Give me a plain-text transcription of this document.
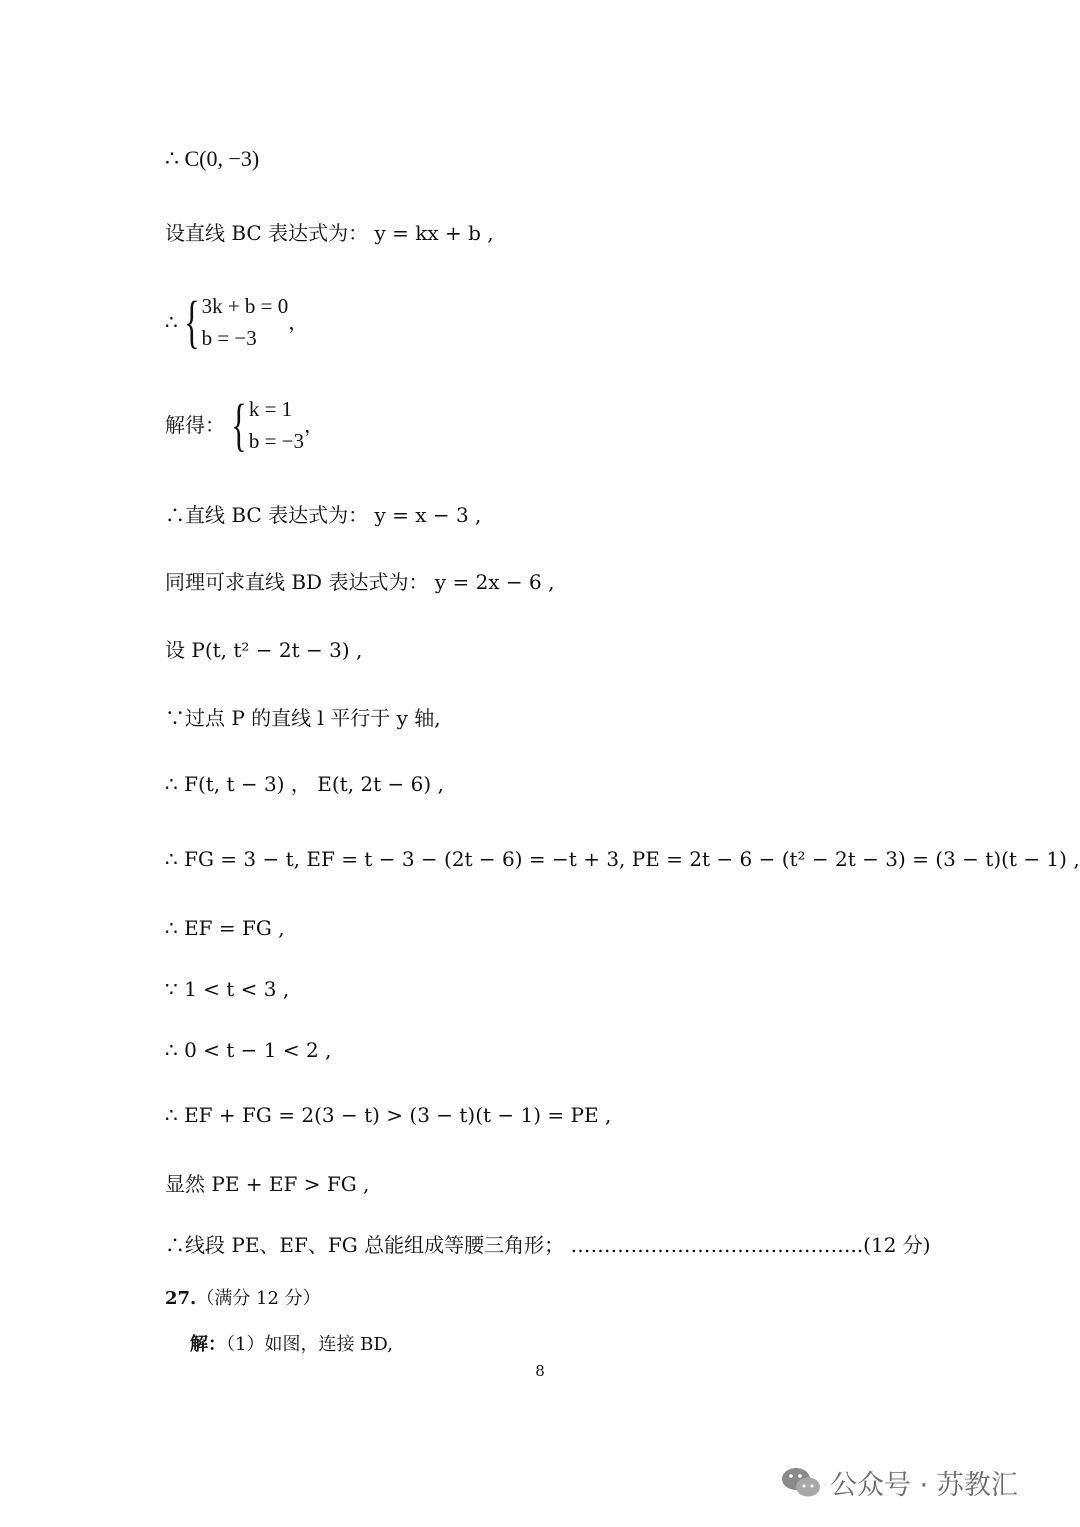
∴ C(0, −3)
设直线 BC 表达式为： y = kx + b ,
∴ { 3k + b = 0
b = −3
，
解得： { k = 1
b = −3
，
∴直线 BC 表达式为： y = x − 3 ,
同理可求直线 BD 表达式为： y = 2x − 6 ,
设 P(t, t² − 2t − 3) ,
∵过点 P 的直线 l 平行于 y 轴,
∴ F(t, t − 3) ， E(t, 2t − 6) ,
∴ FG = 3 − t, EF = t − 3 − (2t − 6) = −t + 3, PE = 2t − 6 − (t² − 2t − 3) = (3 − t)(t − 1) ,
∴ EF = FG ,
∵ 1 < t < 3 ,
∴ 0 < t − 1 < 2 ,
∴ EF + FG = 2(3 − t) > (3 − t)(t − 1) = PE ,
显然 PE + EF > FG ,
∴线段 PE、EF、FG 总能组成等腰三角形； ……………………………………..(12 分)
27.（满分 12 分）
解：（1）如图，连接 BD,
8
公众号 · 苏教汇
